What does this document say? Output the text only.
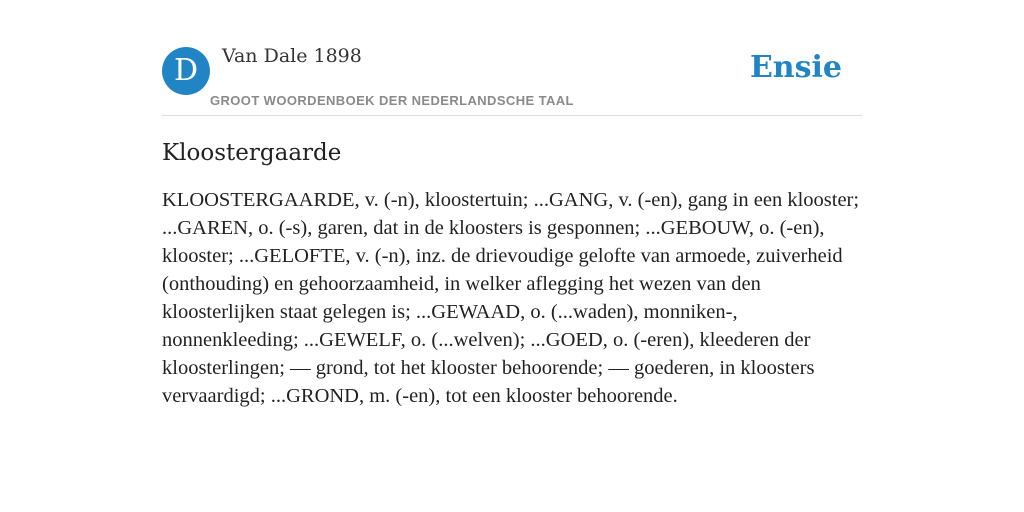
D	Van Dale 1898
GROOT WOORDENBOEK DER NEDERLANDSCHE TAAL
Ensie
Kloostergaarde

KLOOSTERGAARDE, v. (-n), kloostertuin; ...GANG, v. (-en), gang in een klooster; ...GAREN, o. (-s), garen, dat in de kloosters is gesponnen; ...GEBOUW, o. (-en), klooster; ...GELOFTE, v. (-n), inz. de drievoudige gelofte van armoede, zuiverheid (onthouding) en gehoorzaamheid, in welker aflegging het wezen van den kloosterlijken staat gelegen is; ...GEWAAD, o. (...waden), monniken-, nonnenkleeding; ...GEWELF, o. (...welven); ...GOED, o. (-eren), kleederen der kloosterlingen; — grond, tot het klooster behoorende; — goederen, in kloosters vervaardigd; ...GROND, m. (-en), tot een klooster behoorende.
